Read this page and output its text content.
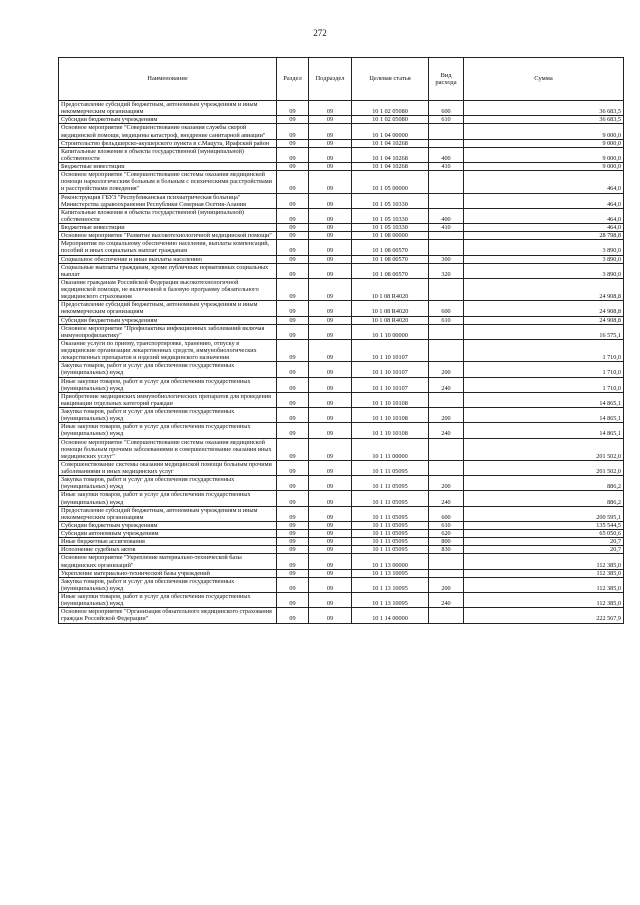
272
Наименование	Раздел	Подраздел	Целевая статья	Вид расхода	Сумма
Предоставление субсидий бюджетным, автономным учреждениям и иным некоммерческим организациям	09	09	10 1 02 05080	600	36 683,5
Субсидии бюджетным учреждениям	09	09	10 1 02 05080	610	36 683,5
Основное мероприятие "Совершенствование оказания службы скорой медицинской помощи, медицины катастроф, внедрение санитарной авиации"	09	09	10 1 04 00000		9 000,0
Строительство фельдшерско-акушерского пункта в с.Мацута, Ирафский район	09	09	10 1 04 10268		9 000,0
Капитальные вложения в объекты государственной (муниципальной) собственности	09	09	10 1 04 10268	400	9 000,0
Бюджетные инвестиции	09	09	10 1 04 10268	410	9 000,0
Основное мероприятие "Совершенствование системы оказания медицинской помощи наркологическим больным и больным с психическими расстройствами и расстройствами поведения"	09	09	10 1 05 00000		464,0
Реконструкция ГБУЗ "Республиканская психиатрическая больница" Министерства здравоохранения Республики Северная Осетия-Алания	09	09	10 1 05 10330		464,0
Капитальные вложения в объекты государственной (муниципальной) собственности	09	09	10 1 05 10330	400	464,0
Бюджетные инвестиции	09	09	10 1 05 10330	410	464,0
Основное мероприятие "Развитие высокотехнологичной медицинской помощи"	09	09	10 1 08 00000		28 798,8
Мероприятия по социальному обеспечению населения, выплаты компенсаций, пособий и иных социальных выплат гражданам	09	09	10 1 08 00570		3 890,0
Социальное обеспечение и иные выплаты населению	09	09	10 1 08 00570	300	3 890,0
Социальные выплаты гражданам, кроме публичных нормативных социальных выплат	09	09	10 1 08 00570	320	3 890,0
Оказание гражданам Российской Федерации высокотехнологичной медицинской помощи, не включенной в базовую программу обязательного медицинского страхования	09	09	10 1 08 R4020		24 908,8
Предоставление субсидий бюджетным, автономным учреждениям и иным некоммерческим организациям	09	09	10 1 08 R4020	600	24 908,8
Субсидии бюджетным учреждениям	09	09	10 1 08 R4020	610	24 908,8
Основное мероприятие "Профилактика инфекционных заболеваний включая иммунопрофилактику"	09	09	10 1 10 00000		16 575,1
Оказание услуги по приему, транспортировке, хранению, отпуску в медицинские организации лекарственных средств, иммунобиологических лекарственных препаратов и изделий медицинского назначения	09	09	10 1 10 10107		1 710,0
Закупка товаров, работ и услуг для обеспечения государственных (муниципальных) нужд	09	09	10 1 10 10107	200	1 710,0
Иные закупки товаров, работ и услуг для обеспечения государственных (муниципальных) нужд	09	09	10 1 10 10107	240	1 710,0
Приобретение медицинских иммунобиологических препаратов для проведения вакцинации отдельных категорий граждан	09	09	10 1 10 10108		14 865,1
Закупка товаров, работ и услуг для обеспечения государственных (муниципальных) нужд	09	09	10 1 10 10108	200	14 865,1
Иные закупки товаров, работ и услуг для обеспечения государственных (муниципальных) нужд	09	09	10 1 10 10108	240	14 865,1
Основное мероприятие "Совершенствование системы оказания медицинской помощи больным прочими заболеваниями и совершенствование оказания иных медицинских услуг"	09	09	10 1 11 00000		201 502,0
Совершенствование системы оказания медицинской помощи больным прочими заболеваниями и иных медицинских услуг	09	09	10 1 11 05095		201 502,0
Закупка товаров, работ и услуг для обеспечения государственных (муниципальных) нужд	09	09	10 1 11 05095	200	886,2
Иные закупки товаров, работ и услуг для обеспечения государственных (муниципальных) нужд	09	09	10 1 11 05095	240	886,2
Предоставление субсидий бюджетным, автономным учреждениям и иным некоммерческим организациям	09	09	10 1 11 05095	600	200 595,1
Субсидии бюджетным учреждениям	09	09	10 1 11 05095	610	135 544,5
Субсидии автономным учреждениям	09	09	10 1 11 05095	620	65 050,6
Иные бюджетные ассигнования	09	09	10 1 11 05095	800	20,7
Исполнение судебных актов	09	09	10 1 11 05095	830	20,7
Основное мероприятие "Укрепление материально-технической базы медицинских организаций"	09	09	10 1 13 00000		112 385,0
Укрепление материально-технической базы учреждений	09	09	10 1 13 10095		112 385,0
Закупка товаров, работ и услуг для обеспечения государственных (муниципальных) нужд	09	09	10 1 13 10095	200	112 385,0
Иные закупки товаров, работ и услуг для обеспечения государственных (муниципальных) нужд	09	09	10 1 13 10095	240	112 385,0
Основное мероприятие "Организация обязательного медицинского страхования граждан Российской Федерации"	09	09	10 1 14 00000		222 567,9
